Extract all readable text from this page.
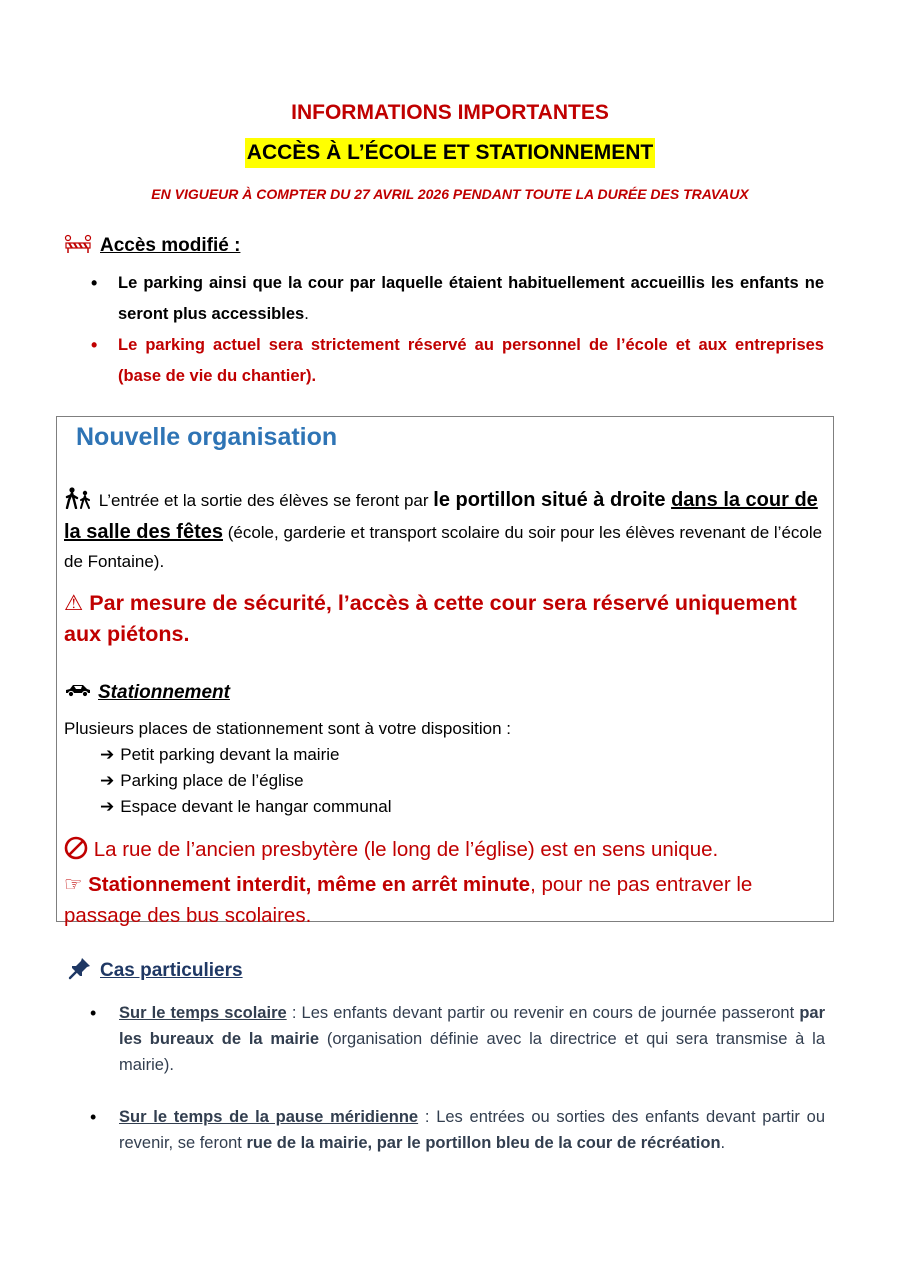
INFORMATIONS IMPORTANTES
ACCÈS À L’ÉCOLE ET STATIONNEMENT
EN VIGUEUR À COMPTER DU 27 AVRIL 2026 PENDANT TOUTE LA DURÉE DES TRAVAUX
Accès modifié :
• Le parking ainsi que la cour par laquelle étaient habituellement accueillis les enfants ne seront plus accessibles.
• Le parking actuel sera strictement réservé au personnel de l’école et aux entreprises (base de vie du chantier).
Nouvelle organisation
L’entrée et la sortie des élèves se feront par le portillon situé à droite dans la cour de la salle des fêtes (école, garderie et transport scolaire du soir pour les élèves revenant de l’école de Fontaine).
⚠ Par mesure de sécurité, l’accès à cette cour sera réservé uniquement aux piétons.
Stationnement
Plusieurs places de stationnement sont à votre disposition :
➔ Petit parking devant la mairie
➔ Parking place de l’église
➔ Espace devant le hangar communal
La rue de l’ancien presbytère (le long de l’église) est en sens unique.
☞ Stationnement interdit, même en arrêt minute, pour ne pas entraver le passage des bus scolaires.
Cas particuliers
• Sur le temps scolaire : Les enfants devant partir ou revenir en cours de journée passeront par les bureaux de la mairie (organisation définie avec la directrice et qui sera transmise à la mairie).
• Sur le temps de la pause méridienne : Les entrées ou sorties des enfants devant partir ou revenir, se feront rue de la mairie, par le portillon bleu de la cour de récréation.
